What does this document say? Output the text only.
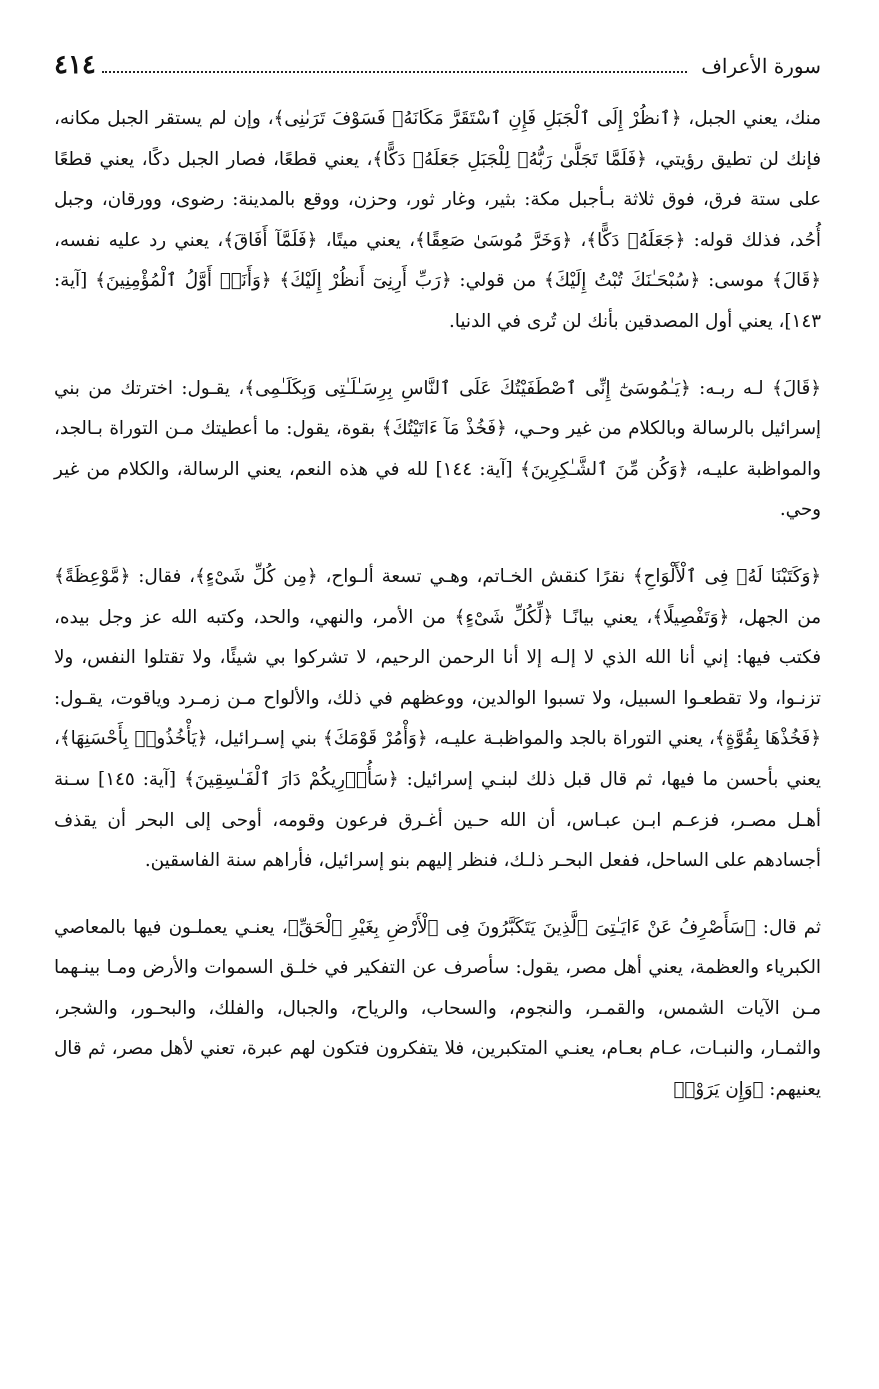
٤١٤	سورة الأعراف

منك، يعني الجبل، ﴿ٱنظُرْ إِلَى ٱلْجَبَلِ فَإِنِ ٱسْتَقَرَّ مَكَانَهُۥ فَسَوْفَ تَرَىٰنِى﴾، وإن لم يستقر الجبل مكانه، فإنك لن تطيق رؤيتي، ﴿فَلَمَّا تَجَلَّىٰ رَبُّهُۥ لِلْجَبَلِ جَعَلَهُۥ دَكًّا﴾، يعني قطعًا، فصار الجبل دكًا، يعني قطعًا على ستة فرق، فوق ثلاثة بـأجبل مكة: بثير، وغار ثور، وحزن، ووقع بالمدينة: رضوى، وورقان، وجبل أُحُد، فذلك قوله: ﴿جَعَلَهُۥ دَكًّا﴾، ﴿وَخَرَّ مُوسَىٰ صَعِقًا﴾، يعني ميتًا، ﴿فَلَمَّآ أَفَاقَ﴾، يعني رد عليه نفسه، ﴿قَالَ﴾ موسى: ﴿سُبْحَـٰنَكَ تُبْتُ إِلَيْكَ﴾ من قولي: ﴿رَبِّ أَرِنِىٓ أَنظُرْ إِلَيْكَ﴾ ﴿وَأَنَا۠ أَوَّلُ ٱلْمُؤْمِنِينَ﴾ [آية: ١٤٣]، يعني أول المصدقين بأنك لن تُرى في الدنيا.

﴿قَالَ﴾ لـه ربـه: ﴿يَـٰمُوسَىٰٓ إِنِّى ٱصْطَفَيْتُكَ عَلَى ٱلنَّاسِ بِرِسَـٰلَـٰتِى وَبِكَلَـٰمِى﴾، يقـول: اخترتك من بني إسرائيل بالرسالة وبالكلام من غير وحـي، ﴿فَخُذْ مَآ ءَاتَيْتُكَ﴾ بقوة، يقول: ما أعطيتك مـن التوراة بـالجد، والمواظبة عليـه، ﴿وَكُن مِّنَ ٱلشَّـٰكِرِينَ﴾ [آية: ١٤٤] لله في هذه النعم، يعني الرسالة، والكلام من غير وحي.

﴿وَكَتَبْنَا لَهُۥ فِى ٱلْأَلْوَاحِ﴾ نقرًا كنقش الخـاتم، وهـي تسعة ألـواح، ﴿مِن كُلِّ شَىْءٍ﴾، فقال: ﴿مَّوْعِظَةً﴾ من الجهل، ﴿وَتَفْصِيلًا﴾، يعني بيانًـا ﴿لِّكُلِّ شَىْءٍ﴾ من الأمر، والنهي، والحد، وكتبه الله عز وجل بيده، فكتب فيها: إني أنا الله الذي لا إلـه إلا أنا الرحمن الرحيم، لا تشركوا بي شيئًا، ولا تقتلوا النفس، ولا تزنـوا، ولا تقطعـوا السبيل، ولا تسبوا الوالدين، ووعظهم في ذلك، والألواح مـن زمـرد وياقوت، يقـول: ﴿فَخُذْهَا بِقُوَّةٍ﴾، يعني التوراة بالجد والمواظبـة عليـه، ﴿وَأْمُرْ قَوْمَكَ﴾ بني إسـرائيل، ﴿يَأْخُذُوا۟ بِأَحْسَنِهَا﴾، يعني بأحسن ما فيها، ثم قال قبل ذلك لبنـي إسرائيل: ﴿سَأُو۟رِيكُمْ دَارَ ٱلْفَـٰسِقِينَ﴾ [آية: ١٤٥] سـنة أهـل مصـر، فزعـم ابـن عبـاس، أن الله حـين أغـرق فرعون وقومه، أوحى إلى البحر أن يقذف أجسادهم على الساحل، ففعل البحـر ذلـك، فنظر إليهم بنو إسرائيل، فأراهم سنة الفاسقين.

ثم قال: ﴿سَأَصْرِفُ عَنْ ءَايَـٰتِىَ ٱلَّذِينَ يَتَكَبَّرُونَ فِى ٱلْأَرْضِ بِغَيْرِ ٱلْحَقِّ﴾، يعنـي يعملـون فيها بالمعاصي الكبرياء والعظمة، يعني أهل مصر، يقول: سأصرف عن التفكير في خلـق السموات والأرض ومـا بينـهما مـن الآيات الشمس، والقمـر، والنجوم، والسحاب، والرياح، والجبال، والفلك، والبحـور، والشجر، والثمـار، والنبـات، عـام بعـام، يعنـي المتكبرين، فلا يتفكرون فتكون لهم عبرة، تعني لأهل مصر، ثم قال يعنيهم: ﴿وَإِن يَرَوْا۟
